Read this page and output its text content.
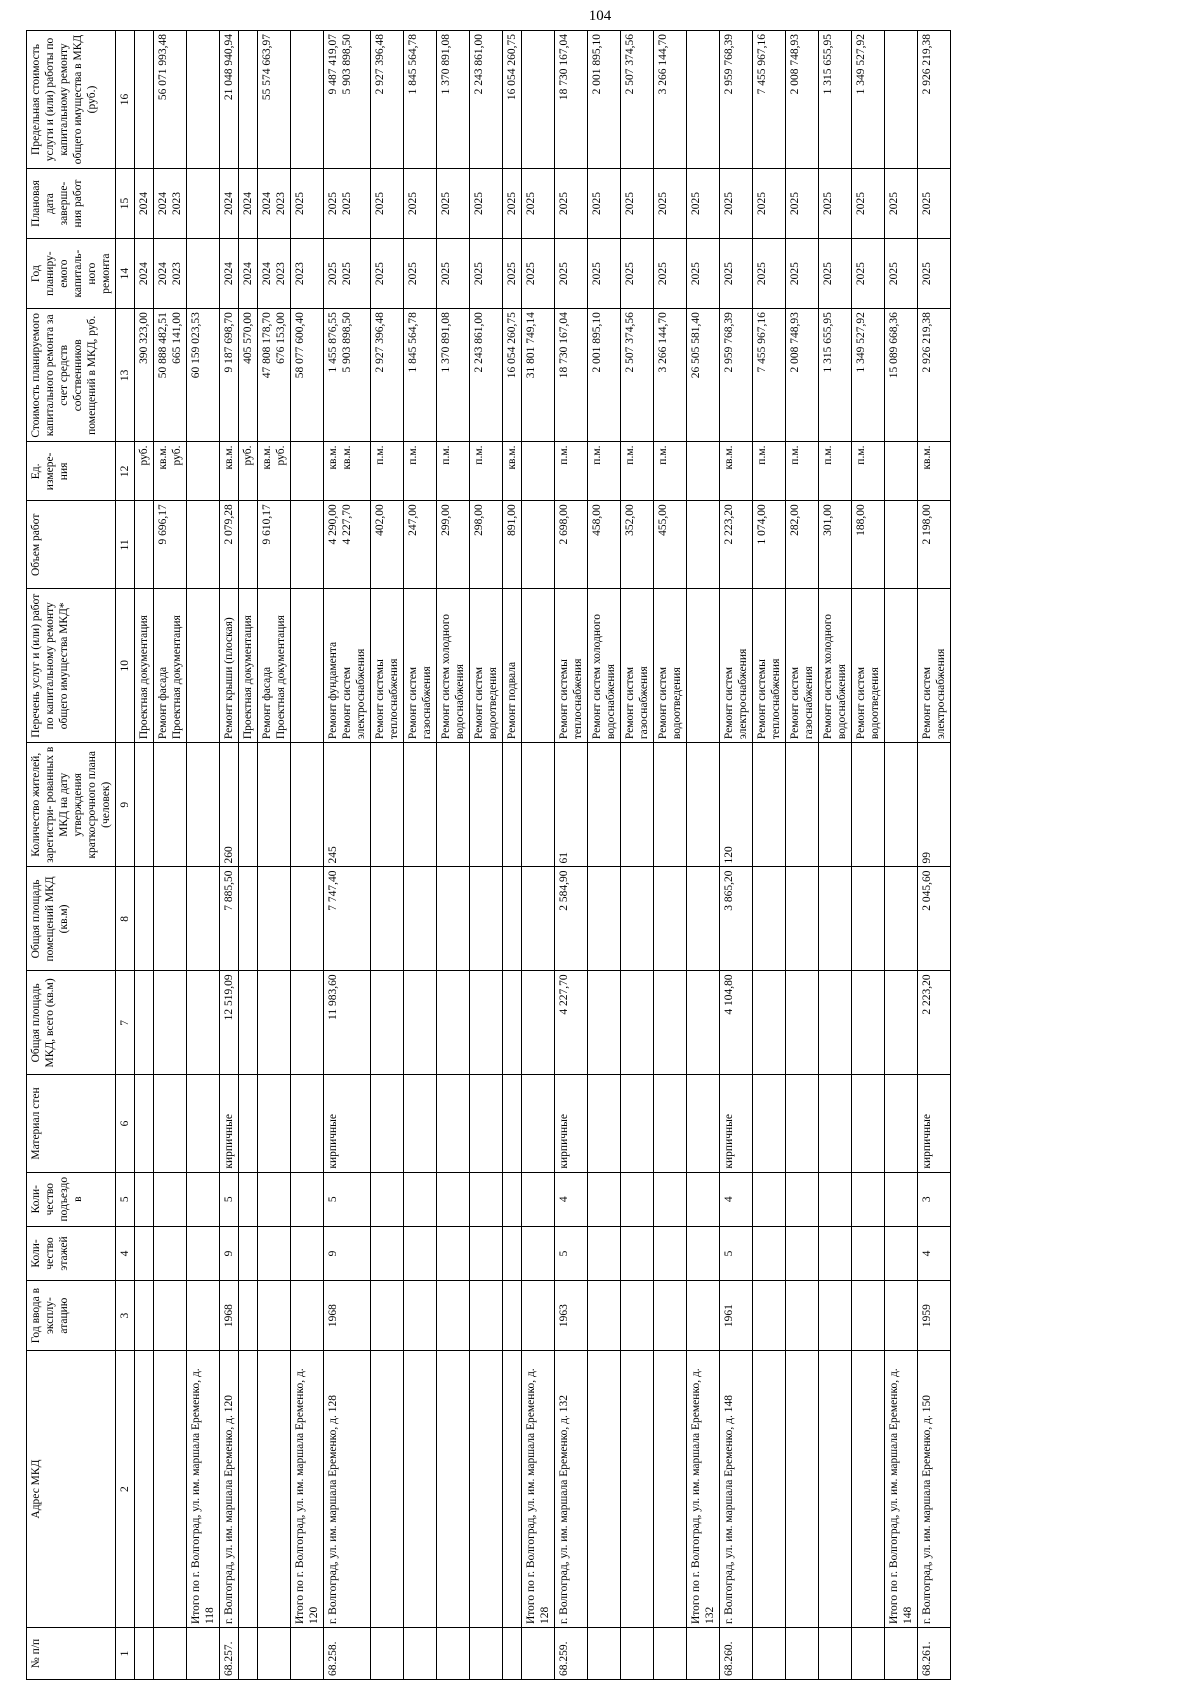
104
№ п/п	Адрес МКД	Год ввода в эксплу- атацию	Коли- чество этажей	Коли- чество подъездо в	Материал стен	Общая площадь МКД, всего (кв.м)	Общая площадь помещений МКД (кв.м)	Количество жителей, зарегистри- рованных в МКД на дату утверждения краткосрочного плана (человек)	Перечень услуг и (или) работ по капитальному ремонту общего имущества МКД*	Объем работ	Ед. измере- ния	Стоимость планируемого капитального ремонта за счет средств собственников помещений в МКД, руб.	Год планиру- емого капиталь- ного ремонта	Плановая дата заверше- ния работ	Предельная стоимость услуги и (или) работы по капитальному ремонту общего имущества в МКД (руб.)
1	2	3	4	5	6	7	8	9	10	11	12	13	14	15	16

									Проектная документация		руб.	390 323,00	2024	2024	

									Ремонт фасада Проектная документация	9 696,17	кв.м. руб.	50 888 482,51 665 141,00	2024 2023	2024 2023	56 071 993,48

	Итого по г. Волгоград, ул. им. маршала Еременко, д. 118											60 159 023,53			

68.257.	г. Волгоград, ул. им. маршала Еременко, д. 120	1968	9	5	кирпичные	12 519,09	7 885,50	260	Ремонт крыши (плоская)	2 079,28	кв.м.	9 187 698,70	2024	2024	21 048 940,94

									Проектная документация		руб.	405 570,00	2024	2024	

									Ремонт фасада Проектная документация	9 610,17	кв.м. руб.	47 808 178,70 676 153,00	2024 2023	2024 2023	55 574 663,97

	Итого по г. Волгоград, ул. им. маршала Еременко, д. 120											58 077 600,40	2023	2025	

68.258.	г. Волгоград, ул. им. маршала Еременко, д. 128	1968	9	5	кирпичные	11 983,60	7 747,40	245	Ремонт фундамента Ремонт систем электроснабжения	4 290,00 4 227,70	кв.м. кв.м.	1 455 876,55 5 903 898,50	2025 2025	2025 2025	9 487 419,07 5 903 898,50

									Ремонт системы теплоснабжения	402,00	п.м.	2 927 396,48	2025	2025	2 927 396,48

									Ремонт систем газоснабжения	247,00	п.м.	1 845 564,78	2025	2025	1 845 564,78

									Ремонт систем холодного водоснабжения	299,00	п.м.	1 370 891,08	2025	2025	1 370 891,08

									Ремонт систем водоотведения	298,00	п.м.	2 243 861,00	2025	2025	2 243 861,00

									Ремонт подвала	891,00	кв.м.	16 054 260,75	2025	2025	16 054 260,75

	Итого по г. Волгоград, ул. им. маршала Еременко, д. 128											31 801 749,14	2025	2025	

68.259.	г. Волгоград, ул. им. маршала Еременко, д. 132	1963	5	4	кирпичные	4 227,70	2 584,90	61	Ремонт системы теплоснабжения	2 698,00	п.м.	18 730 167,04	2025	2025	18 730 167,04

									Ремонт систем холодного водоснабжения	458,00	п.м.	2 001 895,10	2025	2025	2 001 895,10

									Ремонт систем газоснабжения	352,00	п.м.	2 507 374,56	2025	2025	2 507 374,56

									Ремонт систем водоотведения	455,00	п.м.	3 266 144,70	2025	2025	3 266 144,70

	Итого по г. Волгоград, ул. им. маршала Еременко, д. 132											26 505 581,40	2025	2025	

68.260.	г. Волгоград, ул. им. маршала Еременко, д. 148	1961	5	4	кирпичные	4 104,80	3 865,20	120	Ремонт систем электроснабжения	2 223,20	кв.м.	2 959 768,39	2025	2025	2 959 768,39

									Ремонт системы теплоснабжения	1 074,00	п.м.	7 455 967,16	2025	2025	7 455 967,16

									Ремонт систем газоснабжения	282,00	п.м.	2 008 748,93	2025	2025	2 008 748,93

									Ремонт систем холодного водоснабжения	301,00	п.м.	1 315 655,95	2025	2025	1 315 655,95

									Ремонт систем водоотведения	188,00	п.м.	1 349 527,92	2025	2025	1 349 527,92

	Итого по г. Волгоград, ул. им. маршала Еременко, д. 148											15 089 668,36	2025	2025	

68.261.	г. Волгоград, ул. им. маршала Еременко, д. 150	1959	4	3	кирпичные	2 223,20	2 045,60	99	Ремонт систем электроснабжения	2 198,00	кв.м.	2 926 219,38	2025	2025	2 926 219,38
